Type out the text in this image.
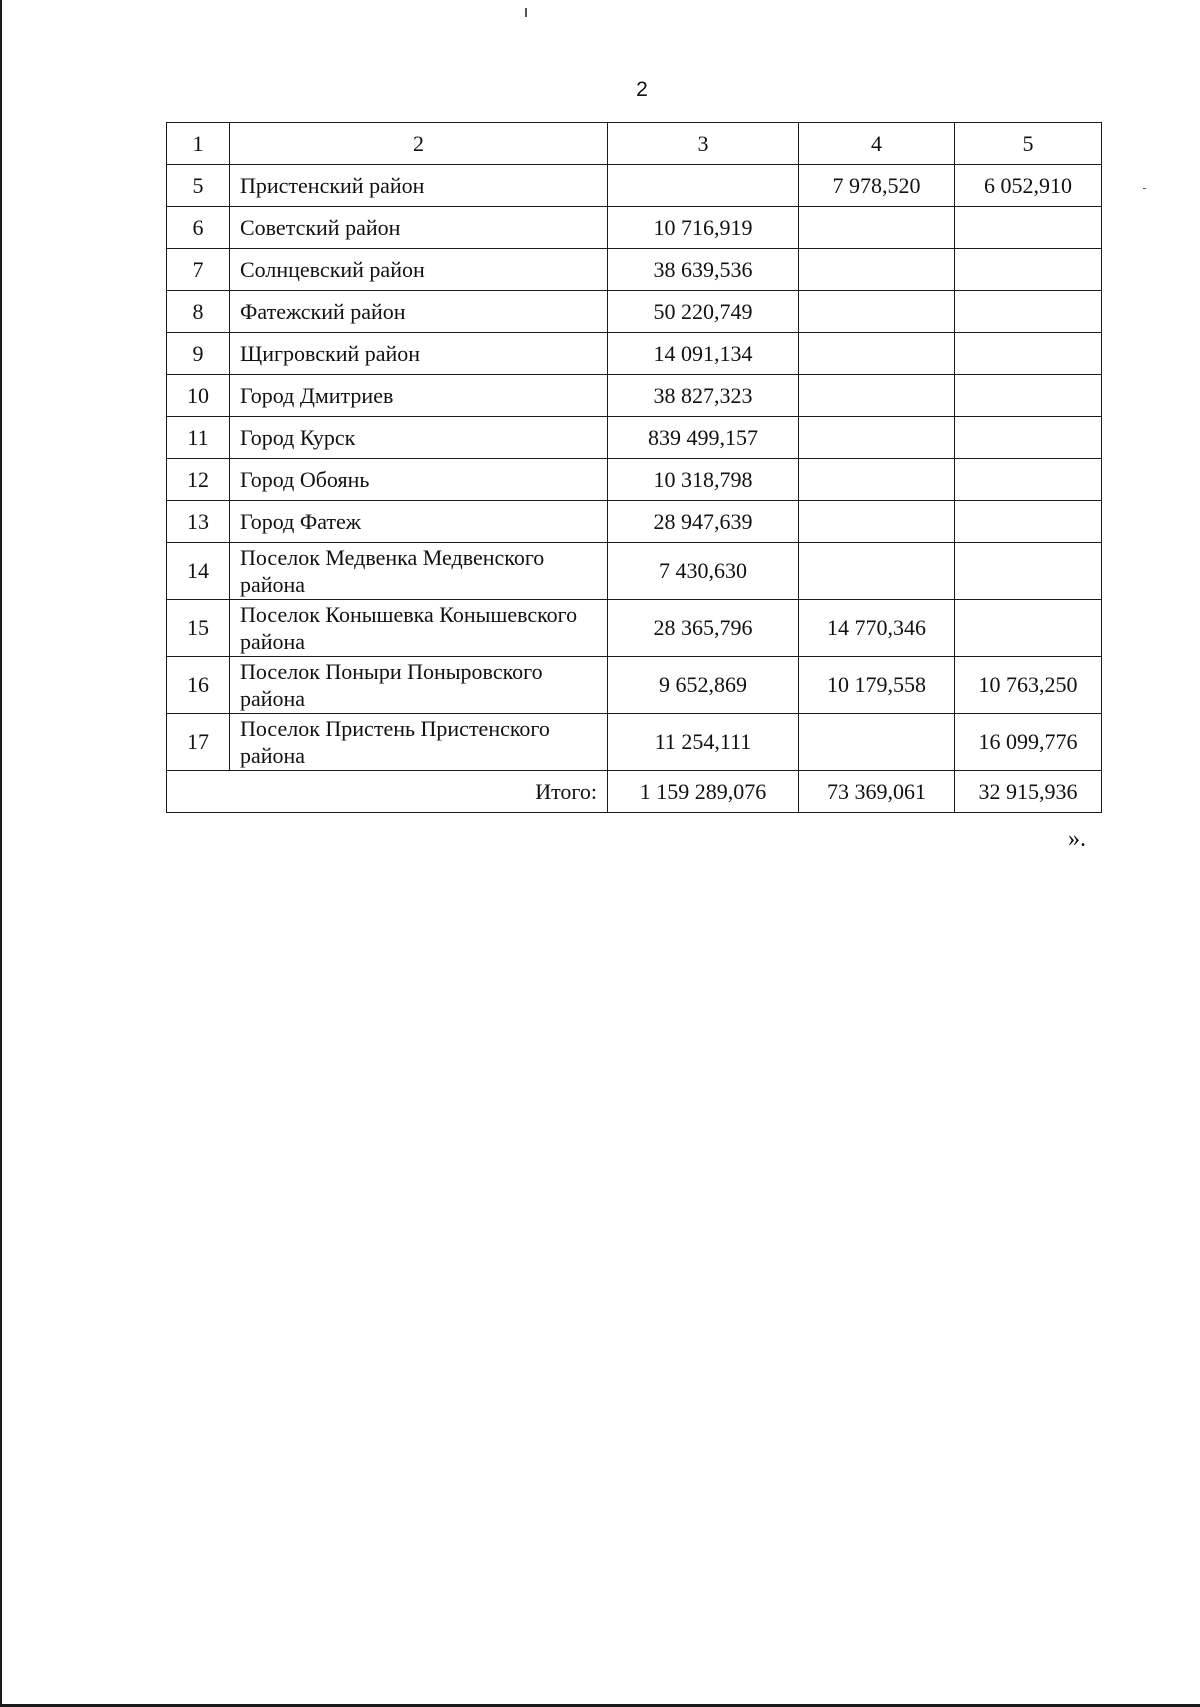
2
1	2	3	4	5
5	Пристенский район		7 978,520	6 052,910
6	Советский район	10 716,919		
7	Солнцевский район	38 639,536		
8	Фатежский район	50 220,749		
9	Щигровский район	14 091,134		
10	Город Дмитриев	38 827,323		
11	Город Курск	839 499,157		
12	Город Обоянь	10 318,798		
13	Город Фатеж	28 947,639		
14	Поселок Медвенка Медвенского района	7 430,630		
15	Поселок Конышевка Конышевского района	28 365,796	14 770,346	
16	Поселок Поныри Поныровского района	9 652,869	10 179,558	10 763,250
17	Поселок Пристень Пристенского района	11 254,111		16 099,776
Итого:		1 159 289,076	73 369,061	32 915,936
».
